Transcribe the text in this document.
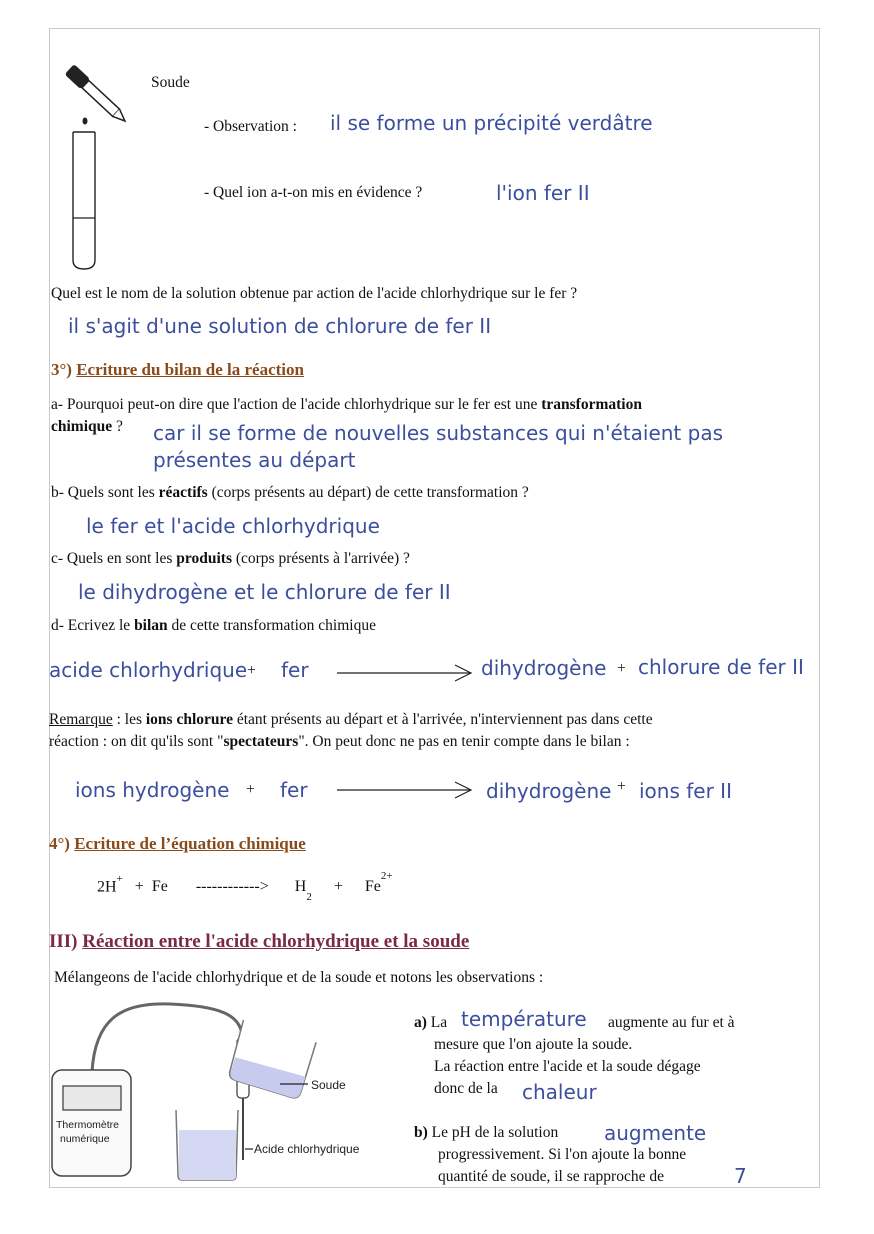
Soude
- Observation : il se forme un précipité verdâtre
- Quel ion a-t-on mis en évidence ?	l'ion fer II
Quel est le nom de la solution obtenue par action de l'acide chlorhydrique sur le fer ?
il s'agit d'une solution de chlorure de fer II
3°) Ecriture du bilan de la réaction
a- Pourquoi peut-on dire que l'action de l'acide chlorhydrique sur le fer est une transformation
chimique ? car il se forme de nouvelles substances qui n'étaient pas
présentes au départ
b- Quels sont les réactifs (corps présents au départ) de cette transformation ?
le fer et l'acide chlorhydrique
c- Quels en sont les produits (corps présents à l'arrivée) ?
le dihydrogène et le chlorure de fer II
d- Ecrivez le bilan de cette transformation chimique
acide chlorhydrique + fer	dihydrogène + chlorure de fer II
Remarque : les ions chlorure étant présents au départ et à l'arrivée, n'interviennent pas dans cette
réaction : on dit qu'ils sont "spectateurs". On peut donc ne pas en tenir compte dans le bilan :
ions hydrogène + fer	dihydrogène + ions fer II
4°) Ecriture de l’équation chimique
2H+ + Fe ------------> $H_2 + Fe^{2+}$
III) Réaction entre l'acide chlorhydrique et la soude
Mélangeons de l'acide chlorhydrique et de la soude et notons les observations :
Thermomètre
numérique
Soude
Acide chlorhydrique
a) La température augmente au fur et à
mesure que l'on ajoute la soude.
La réaction entre l'acide et la soude dégage
donc de la chaleur
b) Le pH de la solution augmente
progressivement. Si l'on ajoute la bonne
quantité de soude, il se rapproche de	7
